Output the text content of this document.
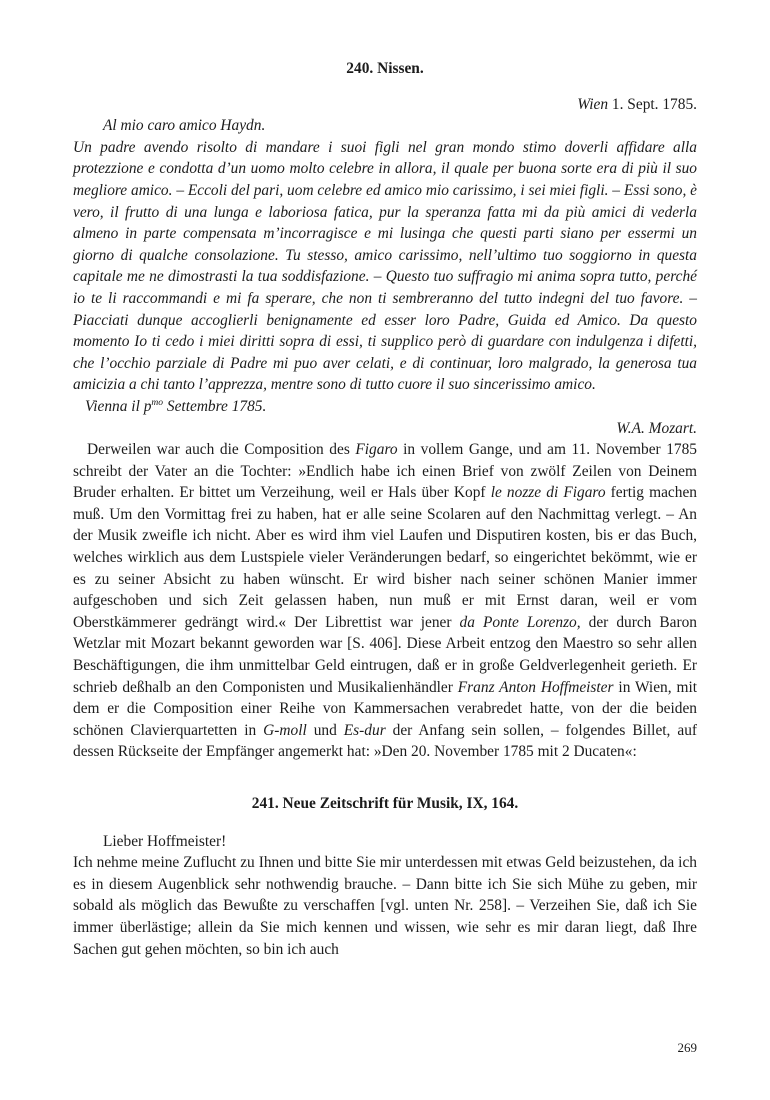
240. Nissen.
Wien 1. Sept. 1785.
Al mio caro amico Haydn.
Un padre avendo risolto di mandare i suoi figli nel gran mondo stimo doverli affidare alla protezzione e condotta d’un uomo molto celebre in allora, il quale per buona sorte era di più il suo megliore amico. – Eccoli del pari, uom celebre ed amico mio carissimo, i sei miei figli. – Essi sono, è vero, il frutto di una lunga e laboriosa fatica, pur la speranza fatta mi da più amici di vederla almeno in parte compensata m’incorragisce e mi lusinga che questi parti siano per essermi un giorno di qualche consolazione. Tu stesso, amico carissimo, nell’ultimo tuo soggiorno in questa capitale me ne dimostrasti la tua soddisfazione. – Questo tuo suffragio mi anima sopra tutto, perché io te li raccommandi e mi fa sperare, che non ti sembreranno del tutto indegni del tuo favore. – Piacciati dunque accoglierli benignamente ed esser loro Padre, Guida ed Amico. Da questo momento Io ti cedo i miei diritti sopra di essi, ti supplico però di guardare con indulgenza i difetti, che l’occhio parziale di Padre mi puo aver celati, e di continuar, loro malgrado, la generosa tua amicizia a chi tanto l’apprezza, mentre sono di tutto cuore il suo sincerissimo amico.
Vienna il $p^{mo}$ Settembre 1785.
W.A. Mozart.
Derweilen war auch die Composition des Figaro in vollem Gange, und am 11. November 1785 schreibt der Vater an die Tochter: »Endlich habe ich einen Brief von zwölf Zeilen von Deinem Bruder erhalten. Er bittet um Verzeihung, weil er Hals über Kopf le nozze di Figaro fertig machen muß. Um den Vormittag frei zu haben, hat er alle seine Scolaren auf den Nachmittag verlegt. – An der Musik zweifle ich nicht. Aber es wird ihm viel Laufen und Disputiren kosten, bis er das Buch, welches wirklich aus dem Lustspiele vieler Veränderungen bedarf, so eingerichtet bekömmt, wie er es zu seiner Absicht zu haben wünscht. Er wird bisher nach seiner schönen Manier immer aufgeschoben und sich Zeit gelassen haben, nun muß er mit Ernst daran, weil er vom Oberstkämmerer gedrängt wird.« Der Librettist war jener da Ponte Lorenzo, der durch Baron Wetzlar mit Mozart bekannt geworden war [S. 406]. Diese Arbeit entzog den Maestro so sehr allen Beschäftigungen, die ihm unmittelbar Geld eintrugen, daß er in große Geldverlegenheit gerieth. Er schrieb deßhalb an den Componisten und Musikalienhändler Franz Anton Hoffmeister in Wien, mit dem er die Composition einer Reihe von Kammersachen verabredet hatte, von der die beiden schönen Clavierquartetten in G-moll und Es-dur der Anfang sein sollen, – folgendes Billet, auf dessen Rückseite der Empfänger angemerkt hat: »Den 20. November 1785 mit 2 Ducaten«:
241. Neue Zeitschrift für Musik, IX, 164.
Lieber Hoffmeister!
Ich nehme meine Zuflucht zu Ihnen und bitte Sie mir unterdessen mit etwas Geld beizustehen, da ich es in diesem Augenblick sehr nothwendig brauche. – Dann bitte ich Sie sich Mühe zu geben, mir sobald als möglich das Bewußte zu verschaffen [vgl. unten Nr. 258]. – Verzeihen Sie, daß ich Sie immer überlästige; allein da Sie mich kennen und wissen, wie sehr es mir daran liegt, daß Ihre Sachen gut gehen möchten, so bin ich auch
269
